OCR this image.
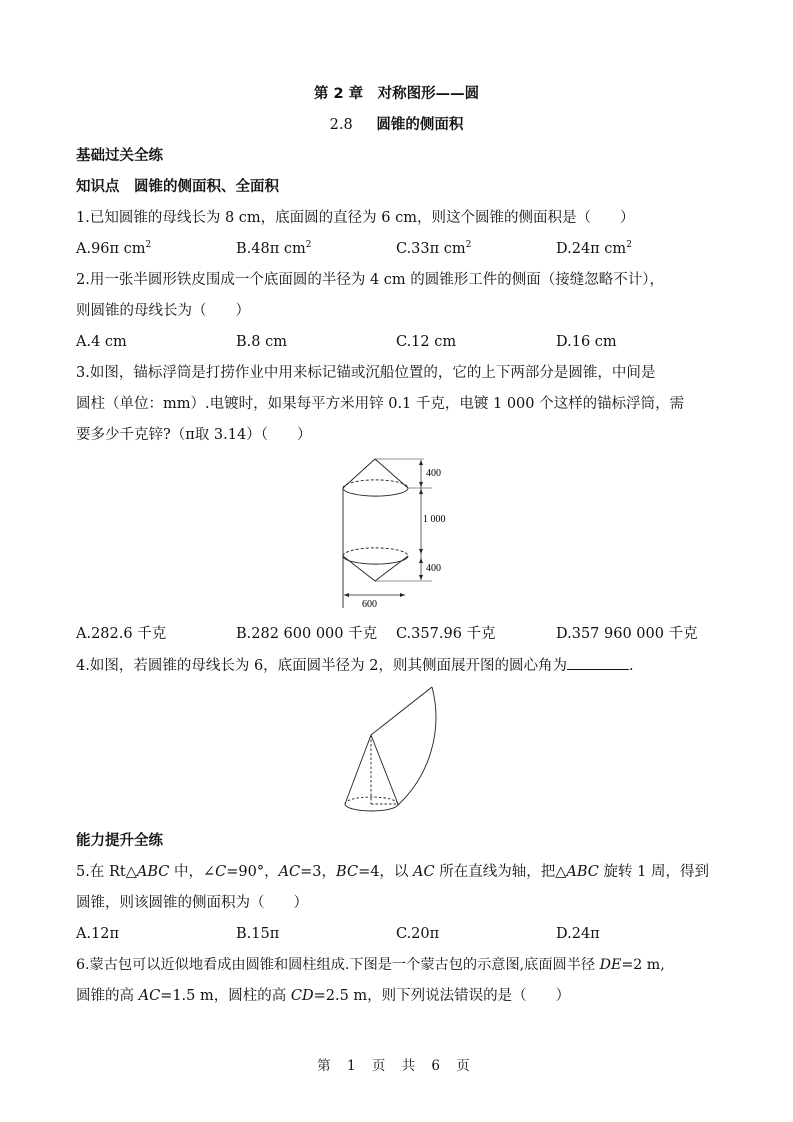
第 2 章　对称图形——圆
2.8 　 圆锥的侧面积
基础过关全练
知识点　圆锥的侧面积、全面积
1.已知圆锥的母线长为 8 cm，底面圆的直径为 6 cm，则这个圆锥的侧面积是（　　）
A.96π $cm^2$	B.48π $cm^2$	C.33π $cm^2$	D.24π $cm^2$
2.用一张半圆形铁皮围成一个底面圆的半径为 4 cm 的圆锥形工件的侧面（接缝忽略不计），
则圆锥的母线长为（　　）
A.4 cm	B.8 cm	C.12 cm	D.16 cm
3.如图，锚标浮筒是打捞作业中用来标记锚或沉船位置的，它的上下两部分是圆锥，中间是
圆柱（单位：mm）.电镀时，如果每平方米用锌 0.1 千克，电镀 1 000 个这样的锚标浮筒，需
要多少千克锌?（π取 3.14）（　　）
400
1 000
400
600
A.282.6 千克	B.282 600 000 千克 C.357.96 千克	D.357 960 000 千克
4.如图，若圆锥的母线长为 6，底面圆半径为 2，则其侧面展开图的圆心角为	.
能力提升全练
5.在 Rt△ABC 中，∠C=90°，AC=3，BC=4，以 AC 所在直线为轴，把△ABC 旋转 1 周，得到
圆锥，则该圆锥的侧面积为（　　）
A.12π	B.15π	C.20π	D.24π
6.蒙古包可以近似地看成由圆锥和圆柱组成.下图是一个蒙古包的示意图,底面圆半径 DE=2 m,
圆锥的高 AC=1.5 m，圆柱的高 CD=2.5 m，则下列说法错误的是（　　）
第 1 页 共 6 页
